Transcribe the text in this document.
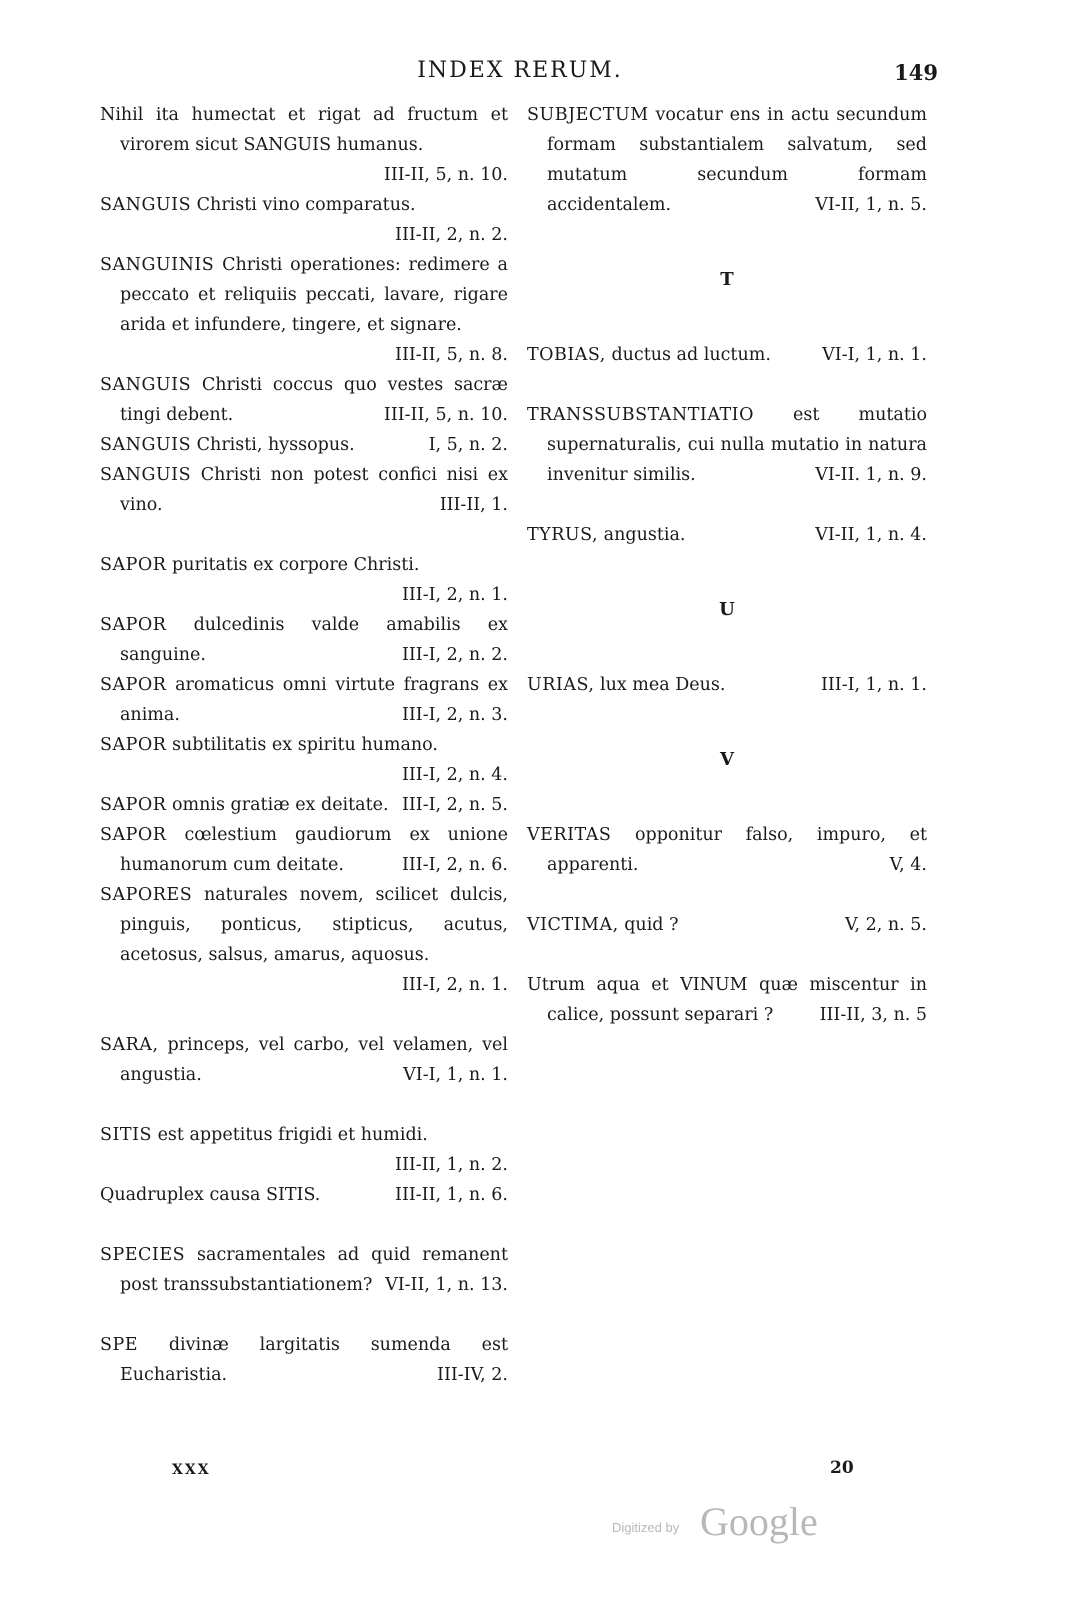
INDEX RERUM.	149
Nihil ita humectat et rigat ad fructum et virorem sicut SANGUIS humanus.
III-II, 5, n. 10.
SANGUIS Christi vino comparatus.
III-II, 2, n. 2.
SANGUINIS Christi operationes: redimere a peccato et reliquiis peccati, lavare, rigare arida et infundere, tingere, et signare.
III-II, 5, n. 8.
SANGUIS Christi coccus quo vestes sacræ tingi debent.	III-II, 5, n. 10.
SANGUIS Christi, hyssopus.	I, 5, n. 2.
SANGUIS Christi non potest confici nisi ex vino.	III-II, 1.
SAPOR puritatis ex corpore Christi.
III-I, 2, n. 1.
SAPOR dulcedinis valde amabilis ex sanguine.	III-I, 2, n. 2.
SAPOR aromaticus omni virtute fragrans ex anima.	III-I, 2, n. 3.
SAPOR subtilitatis ex spiritu humano.
III-I, 2, n. 4.
SAPOR omnis gratiæ ex deitate. III-I, 2, n. 5.
SAPOR cœlestium gaudiorum ex unione humanorum cum deitate.	III-I, 2, n. 6.
SAPORES naturales novem, scilicet dulcis, pinguis, ponticus, stipticus, acutus, acetosus, salsus, amarus, aquosus.
III-I, 2, n. 1.
SARA, princeps, vel carbo, vel velamen, vel angustia.	VI-I, 1, n. 1.
SITIS est appetitus frigidi et humidi.
III-II, 1, n. 2.
Quadruplex causa SITIS.	III-II, 1, n. 6.
SPECIES sacramentales ad quid remanent post transsubstantiationem? VI-II, 1, n. 13.
SPE divinæ largitatis sumenda est Eucharistia.	III-IV, 2.
SUBJECTUM vocatur ens in actu secundum formam substantialem salvatum, sed mutatum secundum formam accidentalem.	VI-II, 1, n. 5.
T
TOBIAS, ductus ad luctum.	VI-I, 1, n. 1.
TRANSSUBSTANTIATIO est mutatio supernaturalis, cui nulla mutatio in natura invenitur similis.	VI-II. 1, n. 9.
TYRUS, angustia.	VI-II, 1, n. 4.
U
URIAS, lux mea Deus.	III-I, 1, n. 1.
V
VERITAS opponitur falso, impuro, et apparenti.	V, 4.
VICTIMA, quid ?	V, 2, n. 5.
Utrum aqua et VINUM quæ miscentur in calice, possunt separari ?	III-II, 3, n. 5
XXX	20
Digitized by Google
